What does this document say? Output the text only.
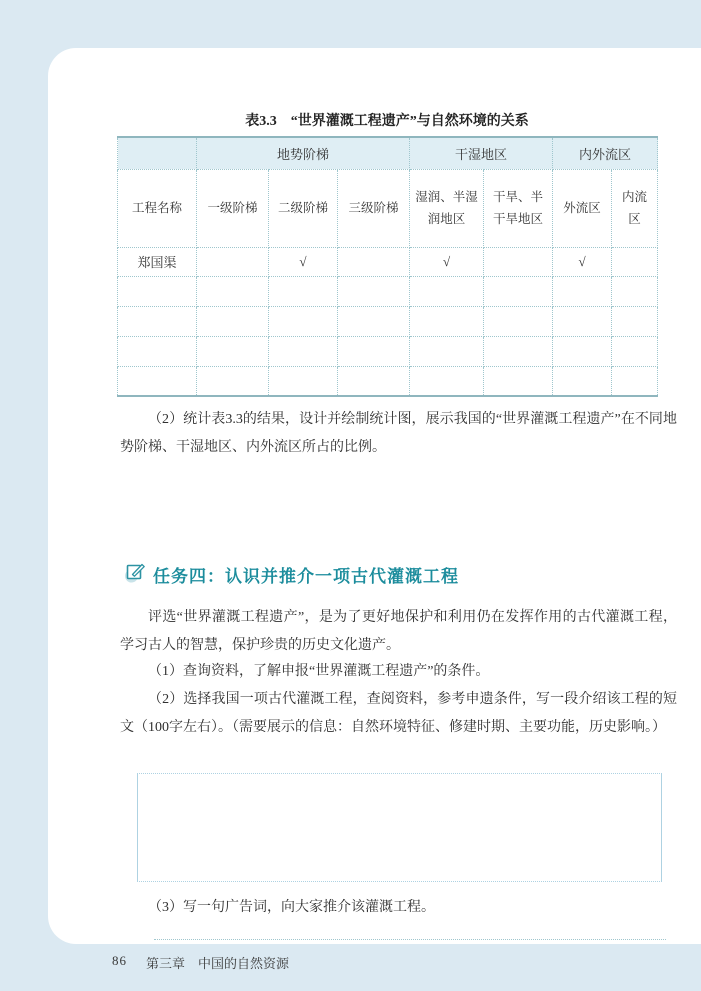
表3.3　“世界灌溉工程遗产”与自然环境的关系
	地势阶梯			干湿地区		内外流区	
工程名称	一级阶梯	二级阶梯	三级阶梯	湿润、半湿润地区	干旱、半干旱地区	外流区	内流区
郑国渠		√		√		√	

（2）统计表3.3的结果，设计并绘制统计图，展示我国的“世界灌溉工程遗产”在不同地势阶梯、干湿地区、内外流区所占的比例。
任务四：认识并推介一项古代灌溉工程
评选“世界灌溉工程遗产”，是为了更好地保护和利用仍在发挥作用的古代灌溉工程，学习古人的智慧，保护珍贵的历史文化遗产。
（1）查询资料，了解申报“世界灌溉工程遗产”的条件。
（2）选择我国一项古代灌溉工程，查阅资料，参考申遗条件，写一段介绍该工程的短文（100字左右）。（需要展示的信息：自然环境特征、修建时期、主要功能，历史影响。）
（3）写一句广告词，向大家推介该灌溉工程。
86 第三章　中国的自然资源
